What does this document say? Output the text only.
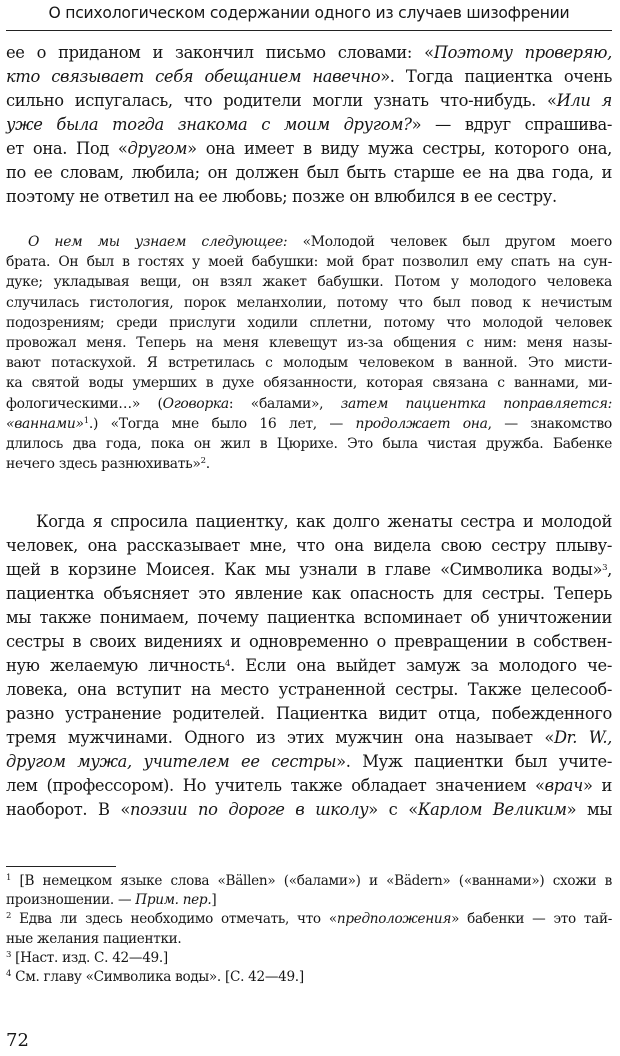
О психологическом содержании одного из случаев шизофрении
ее о приданом и закончил письмо словами: «Поэтому проверяю,
кто связывает себя обещанием навечно». Тогда пациентка очень
сильно испугалась, что родители могли узнать что-нибудь. «Или я
уже была тогда знакома с моим другом?» — вдруг спрашива-
ет она. Под «другом» она имеет в виду мужа сестры, которого она,
по ее словам, любила; он должен был быть старше ее на два года, и
поэтому не ответил на ее любовь; позже он влюбился в ее сестру.
О нем мы узнаем следующее: «Молодой человек был другом моего
брата. Он был в гостях у моей бабушки: мой брат позволил ему спать на сун-
дуке; укладывая вещи, он взял жакет бабушки. Потом у молодого человека
случилась гистология, порок меланхолии, потому что был повод к нечистым
подозрениям; среди прислуги ходили сплетни, потому что молодой человек
провожал меня. Теперь на меня клевещут из-за общения с ним: меня назы-
вают потаскухой. Я встретилась с молодым человеком в ванной. Это мисти-
ка святой воды умерших в духе обязанности, которая связана с ваннами, ми-
фологическими…» (Оговорка: «балами», затем пациентка поправляется:
«ваннами»$^1$.) «Тогда мне было 16 лет, — продолжает она, — знакомство
длилось два года, пока он жил в Цюрихе. Это была чистая дружба. Бабенке
нечего здесь разнюхивать»$^2$.
Когда я спросила пациентку, как долго женаты сестра и молодой
человек, она рассказывает мне, что она видела свою сестру плыву-
щей в корзине Моисея. Как мы узнали в главе «Символика воды»$^3$,
пациентка объясняет это явление как опасность для сестры. Теперь
мы также понимаем, почему пациентка вспоминает об уничтожении
сестры в своих видениях и одновременно о превращении в собствен-
ную желаемую личность$^4$. Если она выйдет замуж за молодого че-
ловека, она вступит на место устраненной сестры. Также целесооб-
разно устранение родителей. Пациентка видит отца, побежденного
тремя мужчинами. Одного из этих мужчин она называет «Dr. W.,
другом мужа, учителем ее сестры». Муж пациентки был учите-
лем (профессором). Но учитель также обладает значением «врач» и
наоборот. В «поэзии по дороге в школу» с «Карлом Великим» мы
$^1$ [В немецком языке слова «Bällen» («балами») и «Bädern» («ваннами») схожи в
произношении. — Прим. пер.]
$^2$ Едва ли здесь необходимо отмечать, что «предположения» бабенки — это тай-
ные желания пациентки.
$^3$ [Наст. изд. С. 42—49.]
$^4$ См. главу «Символика воды». [С. 42—49.]
72
